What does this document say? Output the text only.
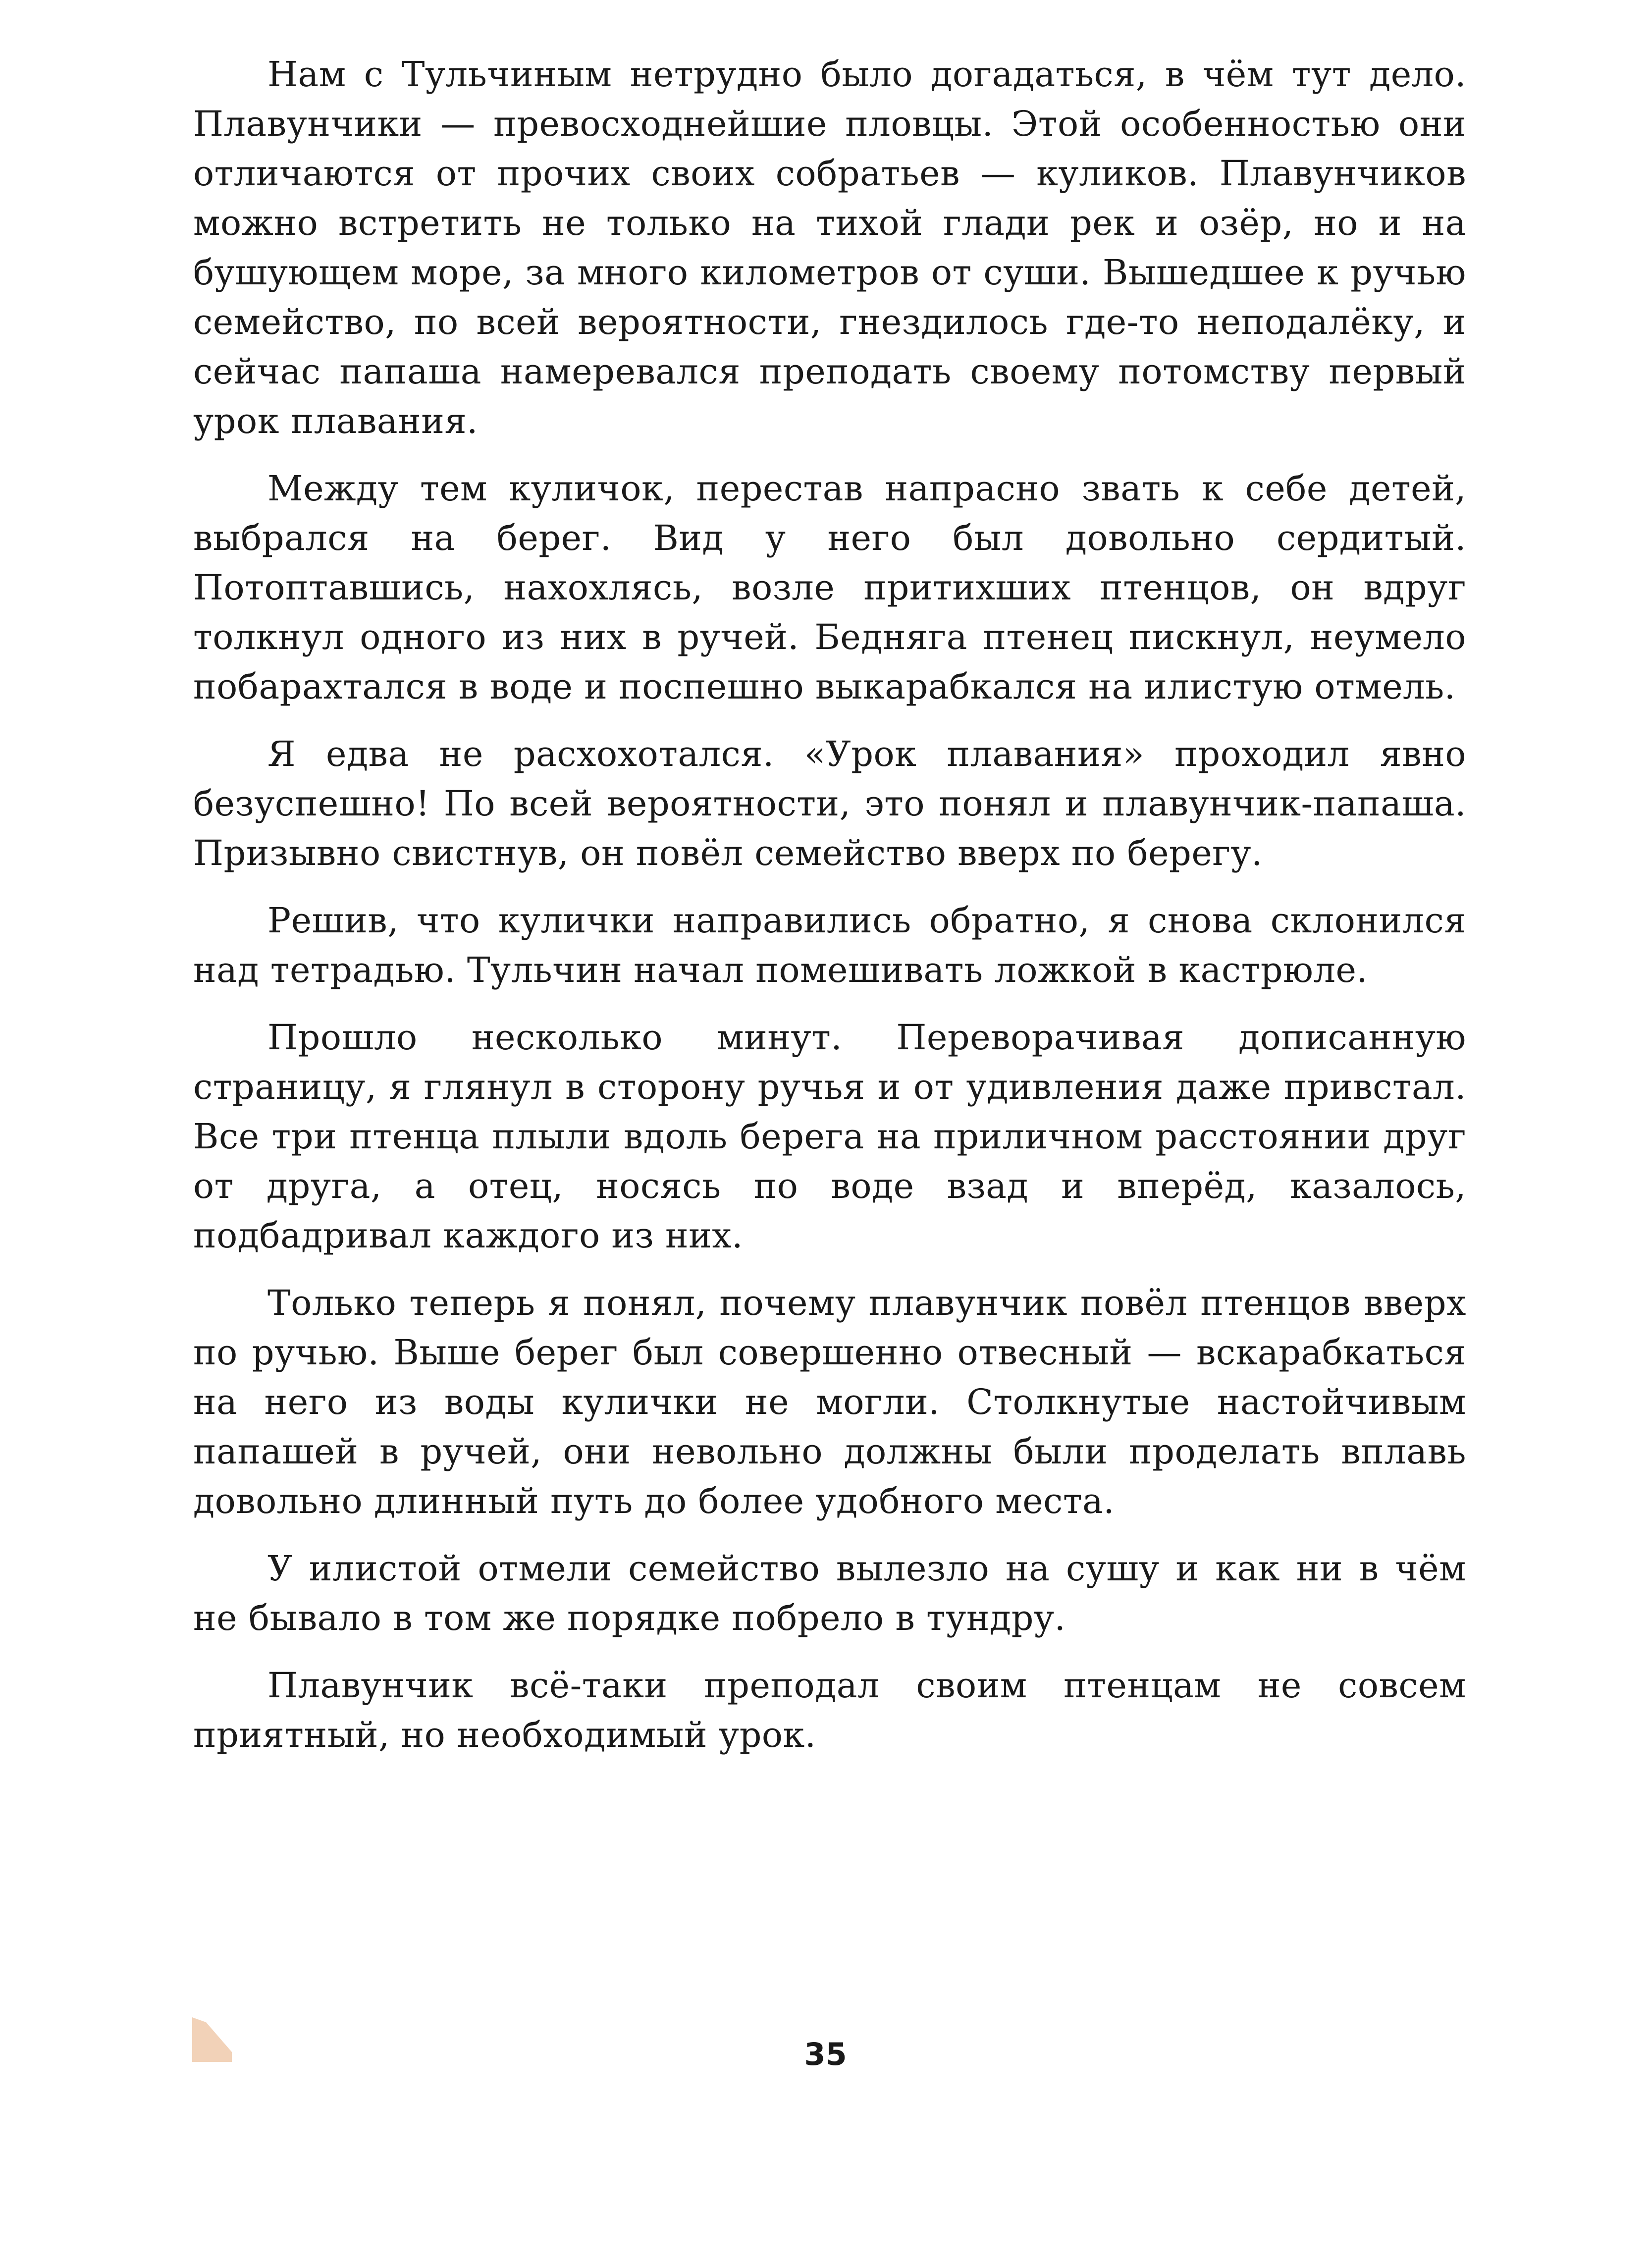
Нам с Тульчиным нетрудно было догадаться, в чём тут дело. Плавунчики — превосходнейшие пловцы. Этой особенностью они отличаются от прочих своих собратьев — куликов. Плавунчиков можно встретить не только на тихой глади рек и озёр, но и на бушующем море, за много километров от суши. Вышедшее к ручью семейство, по всей вероятности, гнездилось где-то неподалёку, и сейчас папаша намеревался преподать своему потомству первый урок плавания.

Между тем куличок, перестав напрасно звать к себе детей, выбрался на берег. Вид у него был довольно сердитый. Потоптавшись, нахохлясь, возле притихших птенцов, он вдруг толкнул одного из них в ручей. Бедняга птенец пискнул, неумело побарахтался в воде и поспешно выкарабкался на илистую отмель.

Я едва не расхохотался. «Урок плавания» проходил явно безуспешно! По всей вероятности, это понял и плавунчик-папаша. Призывно свистнув, он повёл семейство вверх по берегу.

Решив, что кулички направились обратно, я снова склонился над тетрадью. Тульчин начал помешивать ложкой в кастрюле.

Прошло несколько минут. Переворачивая дописанную страницу, я глянул в сторону ручья и от удивления даже привстал. Все три птенца плыли вдоль берега на приличном расстоянии друг от друга, а отец, носясь по воде взад и вперёд, казалось, подбадривал каждого из них.

Только теперь я понял, почему плавунчик повёл птенцов вверх по ручью. Выше берег был совершенно отвесный — вскарабкаться на него из воды кулички не могли. Столкнутые настойчивым папашей в ручей, они невольно должны были проделать вплавь довольно длинный путь до более удобного места.

У илистой отмели семейство вылезло на сушу и как ни в чём не бывало в том же порядке побрело в тундру.

Плавунчик всё-таки преподал своим птенцам не совсем приятный, но необходимый урок.

35
